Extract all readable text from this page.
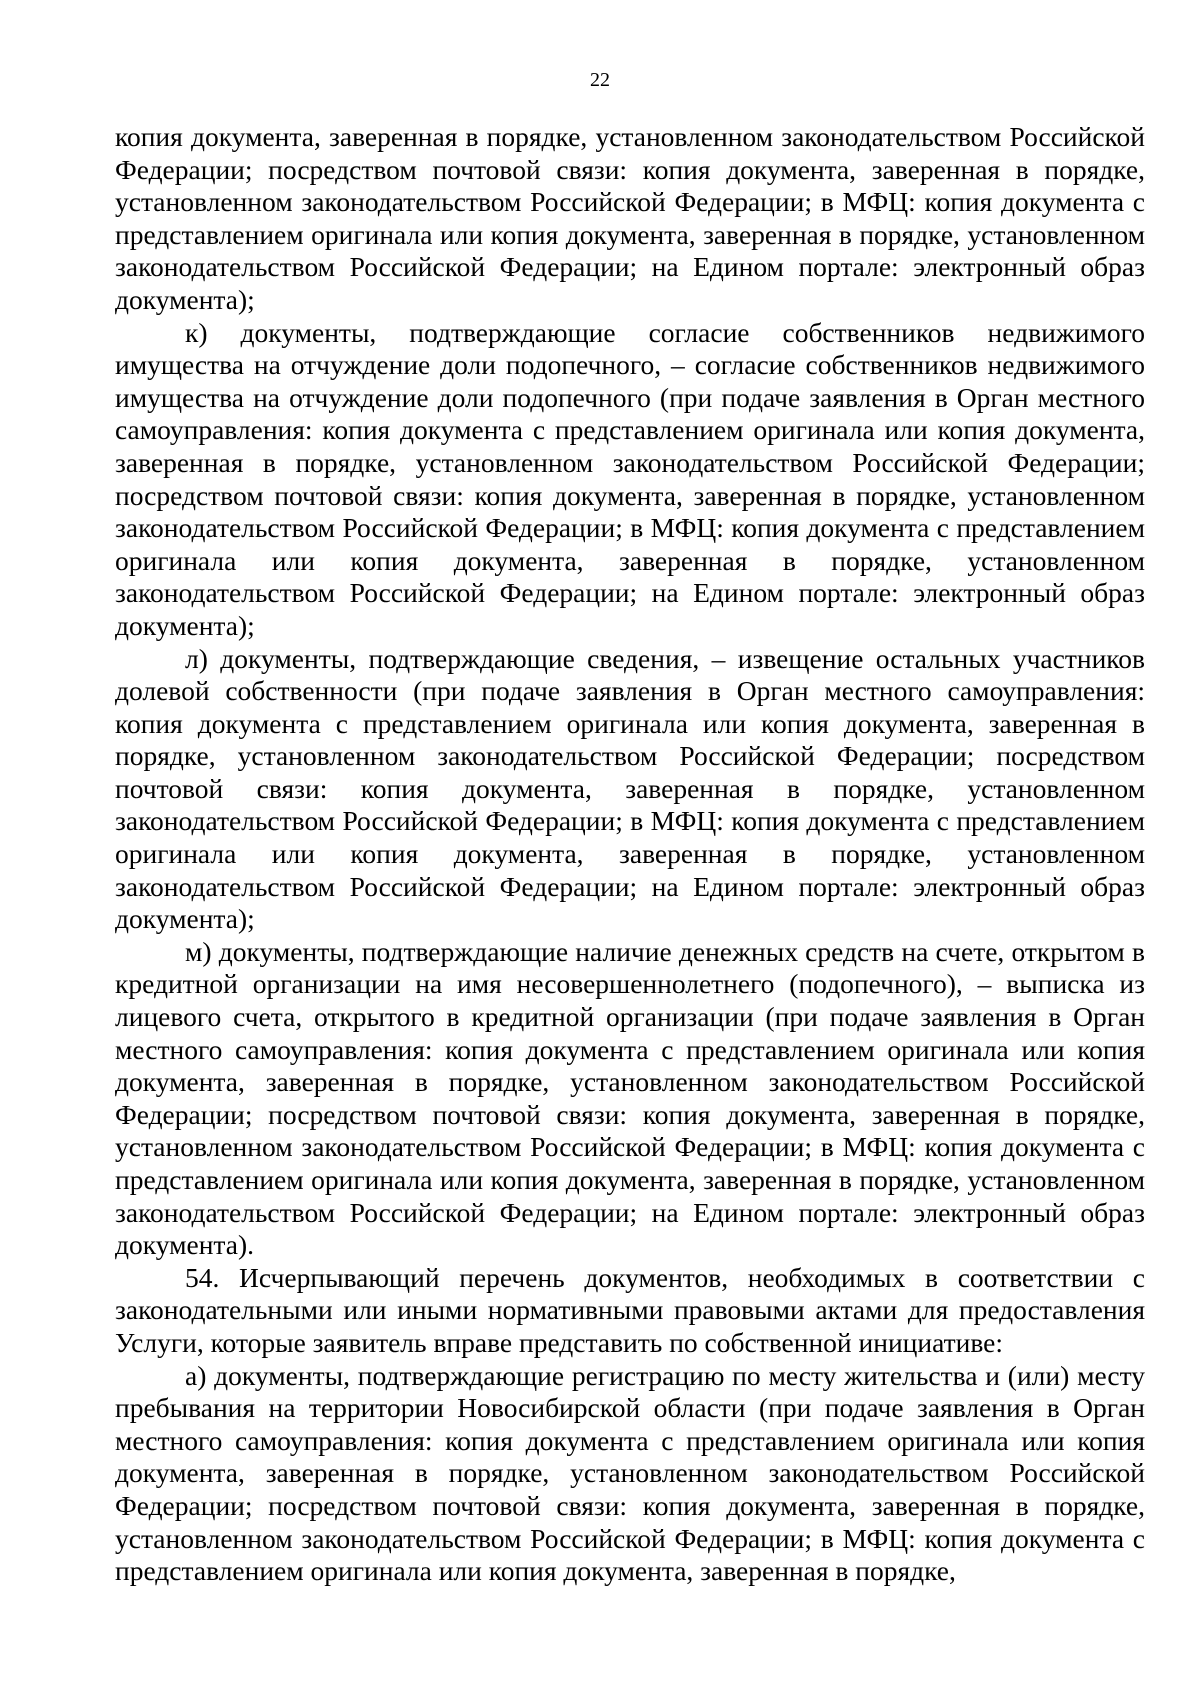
22

копия документа, заверенная в порядке, установленном законодательством Российской Федерации; посредством почтовой связи: копия документа, заверенная в порядке, установленном законодательством Российской Федерации; в МФЦ: копия документа с представлением оригинала или копия документа, заверенная в порядке, установленном законодательством Российской Федерации; на Едином портале: электронный образ документа);

к) документы, подтверждающие согласие собственников недвижимого имущества на отчуждение доли подопечного, – согласие собственников недвижимого имущества на отчуждение доли подопечного (при подаче заявления в Орган местного самоуправления: копия документа с представлением оригинала или копия документа, заверенная в порядке, установленном законодательством Российской Федерации; посредством почтовой связи: копия документа, заверенная в порядке, установленном законодательством Российской Федерации; в МФЦ: копия документа с представлением оригинала или копия документа, заверенная в порядке, установленном законодательством Российской Федерации; на Едином портале: электронный образ документа);

л) документы, подтверждающие сведения, – извещение остальных участников долевой собственности (при подаче заявления в Орган местного самоуправления: копия документа с представлением оригинала или копия документа, заверенная в порядке, установленном законодательством Российской Федерации; посредством почтовой связи: копия документа, заверенная в порядке, установленном законодательством Российской Федерации; в МФЦ: копия документа с представлением оригинала или копия документа, заверенная в порядке, установленном законодательством Российской Федерации; на Едином портале: электронный образ документа);

м) документы, подтверждающие наличие денежных средств на счете, открытом в кредитной организации на имя несовершеннолетнего (подопечного), – выписка из лицевого счета, открытого в кредитной организации (при подаче заявления в Орган местного самоуправления: копия документа с представлением оригинала или копия документа, заверенная в порядке, установленном законодательством Российской Федерации; посредством почтовой связи: копия документа, заверенная в порядке, установленном законодательством Российской Федерации; в МФЦ: копия документа с представлением оригинала или копия документа, заверенная в порядке, установленном законодательством Российской Федерации; на Едином портале: электронный образ документа).

54. Исчерпывающий перечень документов, необходимых в соответствии с законодательными или иными нормативными правовыми актами для предоставления Услуги, которые заявитель вправе представить по собственной инициативе:

а) документы, подтверждающие регистрацию по месту жительства и (или) месту пребывания на территории Новосибирской области (при подаче заявления в Орган местного самоуправления: копия документа с представлением оригинала или копия документа, заверенная в порядке, установленном законодательством Российской Федерации; посредством почтовой связи: копия документа, заверенная в порядке, установленном законодательством Российской Федерации; в МФЦ: копия документа с представлением оригинала или копия документа, заверенная в порядке,
